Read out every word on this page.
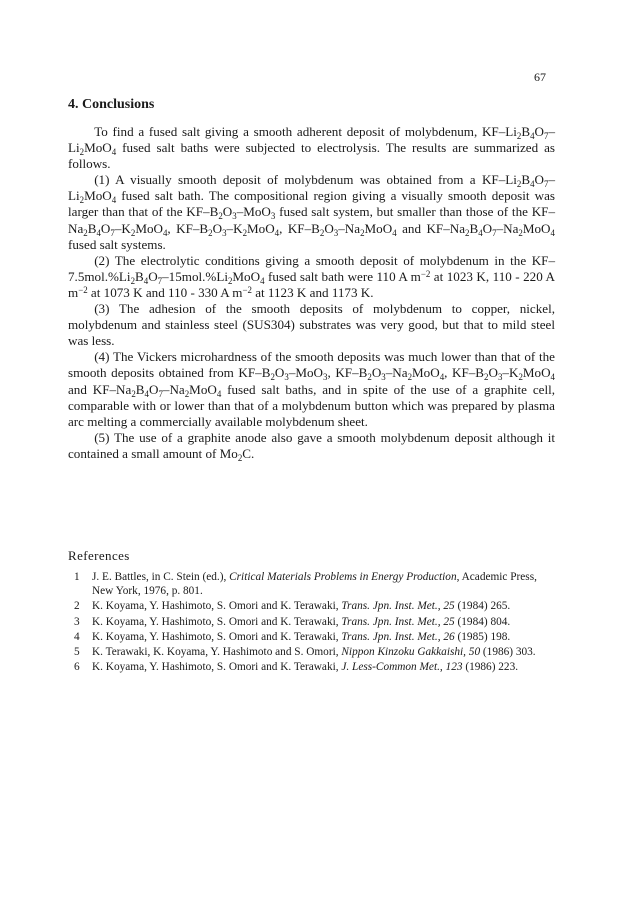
67
4. Conclusions

To find a fused salt giving a smooth adherent deposit of molybdenum, $KF-Li_2B_4O_7-Li_2MoO_4$ fused salt baths were subjected to electrolysis. The results are summarized as follows.

(1) A visually smooth deposit of molybdenum was obtained from a $KF-Li_2B_4O_7-Li_2MoO_4$ fused salt bath. The compositional region giving a visually smooth deposit was larger than that of the $KF-B_2O_3-MoO_3$ fused salt system, but smaller than those of the $KF-Na_2B_4O_7-K_2MoO_4$, $KF-B_2O_3-K_2MoO_4$, $KF-B_2O_3-Na_2MoO_4$ and $KF-Na_2B_4O_7-Na_2MoO_4$ fused salt systems.

(2) The electrolytic conditions giving a smooth deposit of molybdenum in the $KF-7.5mol.\%Li_2B_4O_7-15mol.\%Li_2MoO_4$ fused salt bath were 110 A $m^{-2}$ at 1023 K, 110 - 220 A $m^{-2}$ at 1073 K and 110 - 330 A $m^{-2}$ at 1123 K and 1173 K.

(3) The adhesion of the smooth deposits of molybdenum to copper, nickel, molybdenum and stainless steel (SUS304) substrates was very good, but that to mild steel was less.

(4) The Vickers microhardness of the smooth deposits was much lower than that of the smooth deposits obtained from $KF-B_2O_3-MoO_3$, $KF-B_2O_3-Na_2MoO_4$, $KF-B_2O_3-K_2MoO_4$ and $KF-Na_2B_4O_7-Na_2MoO_4$ fused salt baths, and in spite of the use of a graphite cell, comparable with or lower than that of a molybdenum button which was prepared by plasma arc melting a commercially available molybdenum sheet.

(5) The use of a graphite anode also gave a smooth molybdenum deposit although it contained a small amount of $Mo_2C$.

References
1 J. E. Battles, in C. Stein (ed.), Critical Materials Problems in Energy Production, Academic Press, New York, 1976, p. 801.
2 K. Koyama, Y. Hashimoto, S. Omori and K. Terawaki, Trans. Jpn. Inst. Met., 25 (1984) 265.
3 K. Koyama, Y. Hashimoto, S. Omori and K. Terawaki, Trans. Jpn. Inst. Met., 25 (1984) 804.
4 K. Koyama, Y. Hashimoto, S. Omori and K. Terawaki, Trans. Jpn. Inst. Met., 26 (1985) 198.
5 K. Terawaki, K. Koyama, Y. Hashimoto and S. Omori, Nippon Kinzoku Gakkaishi, 50 (1986) 303.
6 K. Koyama, Y. Hashimoto, S. Omori and K. Terawaki, J. Less-Common Met., 123 (1986) 223.
